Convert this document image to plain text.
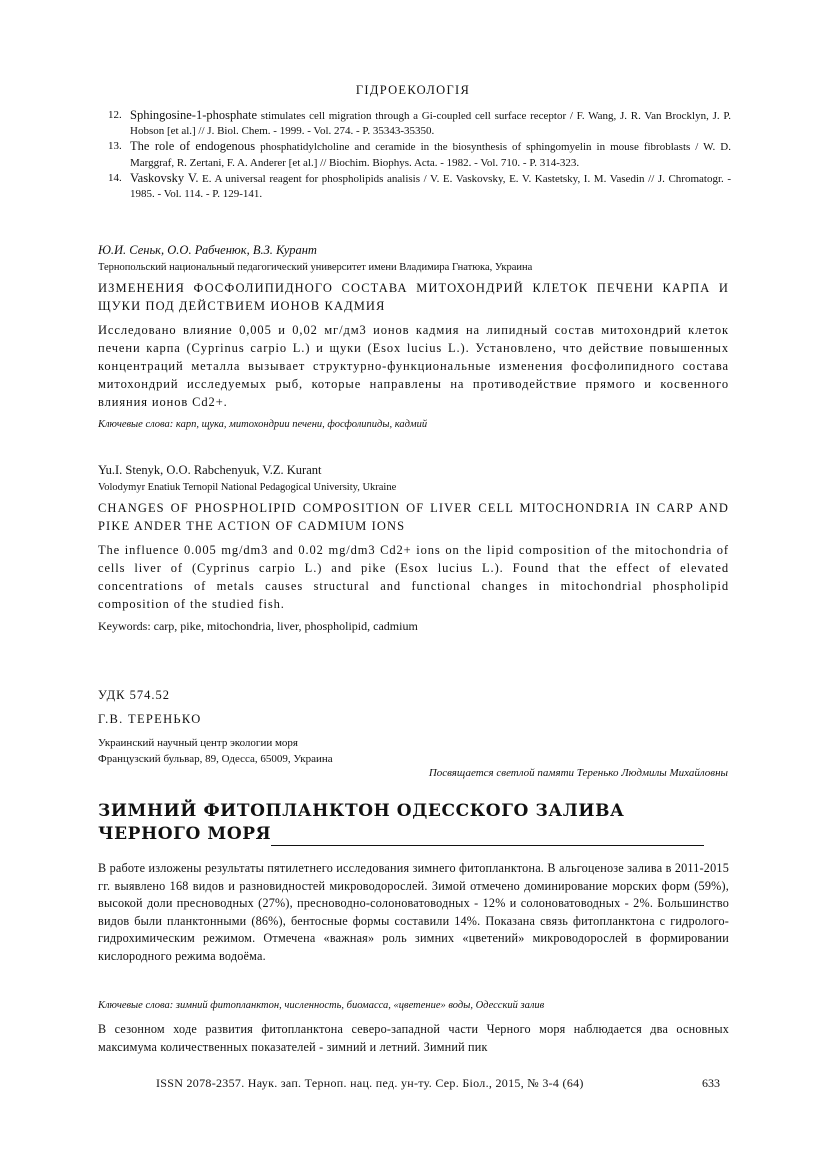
ГІДРОЕКОЛОГІЯ
12. Sphingosine-1-phosphate stimulates cell migration through a Gi-coupled cell surface receptor / F. Wang, J. R. Van Brocklyn, J. P. Hobson [et al.] // J. Biol. Chem. - 1999. - Vol. 274. - P. 35343-35350.
13. The role of endogenous phosphatidylcholine and ceramide in the biosynthesis of sphingomyelin in mouse fibroblasts / W. D. Marggraf, R. Zertani, F. A. Anderer [et al.] // Biochim. Biophys. Acta. - 1982. - Vol. 710. - P. 314-323.
14. Vaskovsky V. E. A universal reagent for phospholipids analisis / V. E. Vaskovsky, E. V. Kastetsky, I. M. Vasedin // J. Chromatogr. - 1985. - Vol. 114. - P. 129-141.
Ю.И. Сеньк, О.О. Рабченюк, В.З. Курант
Тернопольский национальный педагогический университет имени Владимира Гнатюка, Украина
ИЗМЕНЕНИЯ ФОСФОЛИПИДНОГО СОСТАВА МИТОХОНДРИЙ КЛЕТОК ПЕЧЕНИ КАРПА И ЩУКИ ПОД ДЕЙСТВИЕМ ИОНОВ КАДМИЯ
Исследовано влияние 0,005 и 0,02 мг/дм3 ионов кадмия на липидный состав митохондрий клеток печени карпа (Cyprinus carpio L.) и щуки (Esox lucius L.). Установлено, что действие повышенных концентраций металла вызывает структурно-функциональные изменения фосфолипидного состава митохондрий исследуемых рыб, которые направлены на противодействие прямого и косвенного влияния ионов Cd2+.
Ключевые слова: карп, щука, митохондрии печени, фосфолипиды, кадмий
Yu.I. Stenyk, O.O. Rabchenyuk, V.Z. Kurant
Volodymyr Enatiuk Ternopil National Pedagogical University, Ukraine
CHANGES OF PHOSPHOLIPID COMPOSITION OF LIVER CELL MITOCHONDRIA IN CARP AND PIKE ANDER THE ACTION OF CADMIUM IONS
The influence 0.005 mg/dm3 and 0.02 mg/dm3 Cd2+ ions on the lipid composition of the mitochondria of cells liver of (Cyprinus carpio L.) and pike (Esox lucius L.). Found that the effect of elevated concentrations of metals causes structural and functional changes in mitochondrial phospholipid composition of the studied fish.
Keywords: carp, pike, mitochondria, liver, phospholipid, cadmium
УДК 574.52
Г.В. ТЕРЕНЬКО
Украинский научный центр экологии моря
Французский бульвар, 89, Одесса, 65009, Украина
Посвящается светлой памяти Теренько Людмилы Михайловны
ЗИМНИЙ ФИТОПЛАНКТОН ОДЕССКОГО ЗАЛИВА
ЧЕРНОГО МОРЯ
В работе изложены результаты пятилетнего исследования зимнего фитопланктона. В альгоценозе залива в 2011-2015 гг. выявлено 168 видов и разновидностей микроводорослей. Зимой отмечено доминирование морских форм (59%), высокой доли пресноводных (27%), пресноводно-солоноватоводных - 12% и солоноватоводных - 2%. Большинство видов были планктонными (86%), бентосные формы составили 14%. Показана связь фитопланктона с гидролого-гидрохимическим режимом. Отмечена «важная» роль зимних «цветений» микроводорослей в формировании кислородного режима водоёма.
Ключевые слова: зимний фитопланктон, численность, биомасса, «цветение» воды, Одесский залив
В сезонном ходе развития фитопланктона северо-западной части Черного моря наблюдается два основных максимума количественных показателей - зимний и летний. Зимний пик
ISSN 2078-2357. Наук. зап. Терноп. нац. пед. ун-ту. Сер. Біол., 2015, № 3-4 (64)	633
